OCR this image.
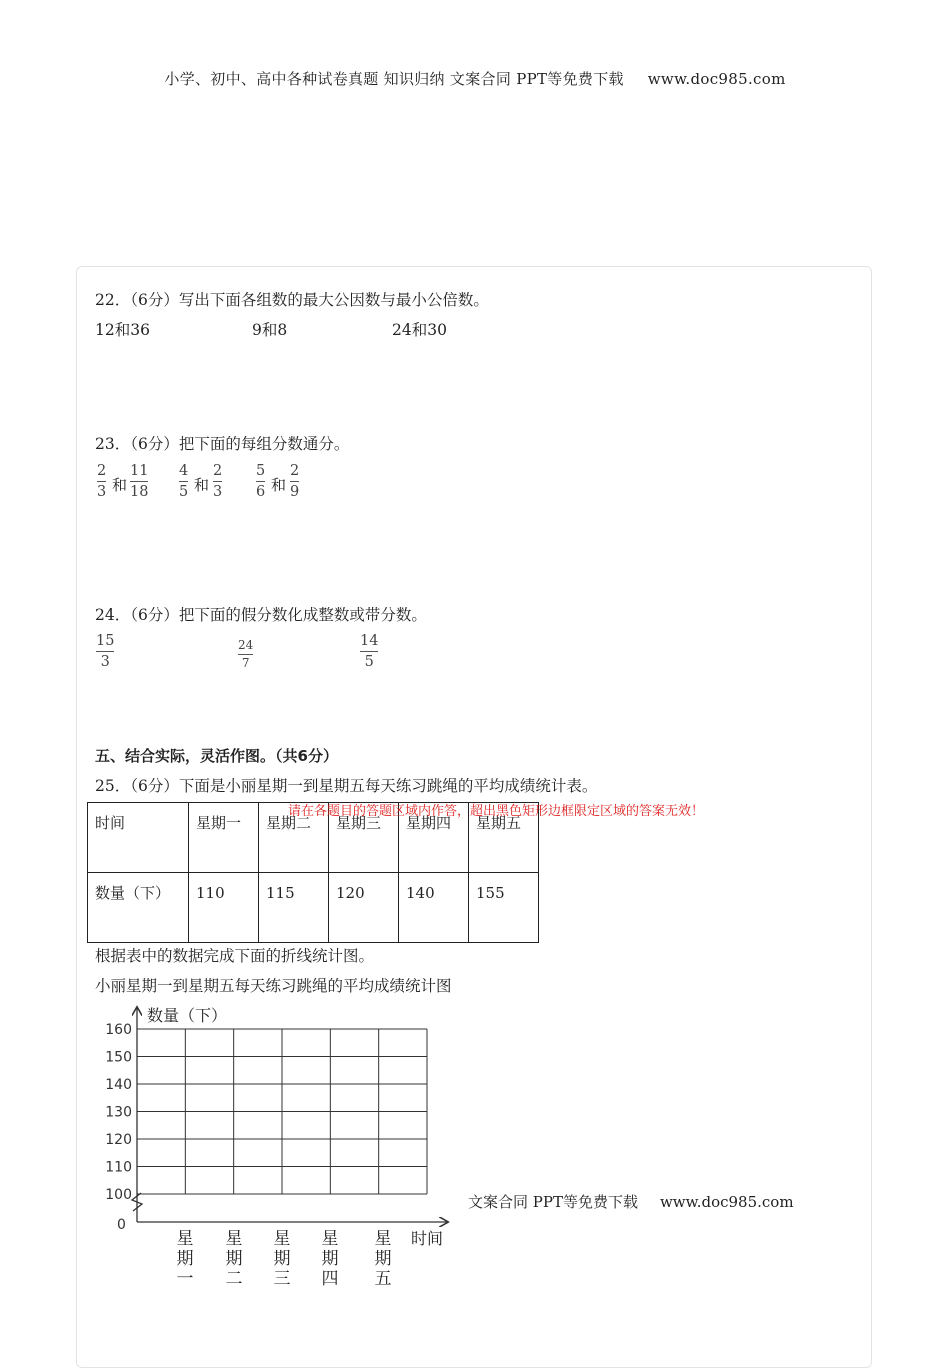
小学、初中、高中各种试卷真题 知识归纳 文案合同 PPT等免费下载 www.doc985.com
22．（6分）写出下面各组数的最大公因数与最小公倍数。
12和36	9和8	24和30
23．（6分）把下面的每组分数通分。
2
3 和
11
18
4
5 和
2
3
5
6 和
2
9
24．（6分）把下面的假分数化成整数或带分数。
15
3
24
7
14
5
五、结合实际，灵活作图。（共6分）
25．（6分）下面是小丽星期一到星期五每天练习跳绳的平均成绩统计表。
时间	星期一	星期二	星期三	星期四	星期五
数量（下）	110	115	120	140	155
请在各题目的答题区域内作答，超出黑色矩形边框限定区域的答案无效！
根据表中的数据完成下面的折线统计图。
小丽星期一到星期五每天练习跳绳的平均成绩统计图
数量（下）
时间
0
160
150
140
130
120
110
100
星
期
一
星
期
二
星
期
三
星
期
四
星
期
五
文案合同 PPT等免费下载 www.doc985.com
